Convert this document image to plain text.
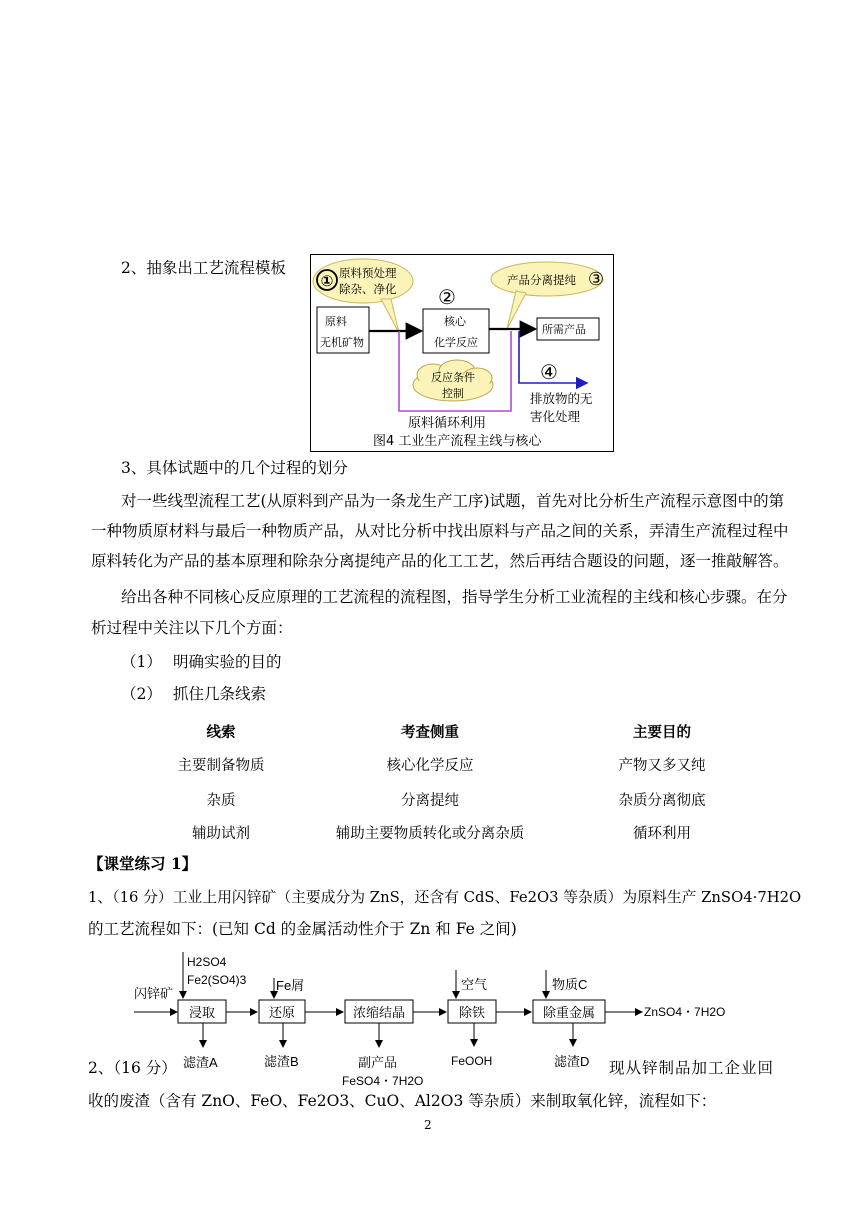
2、抽象出工艺流程模板
① 原料预处理
除杂、净化 ②
产品分离提纯 ③
原料
无机矿物
核心
化学反应
所需产品
反应条件
控制
原料循环利用
④
排放物的无
害化处理
图4 工业生产流程主线与核心
3、具体试题中的几个过程的划分
对一些线型流程工艺(从原料到产品为一条龙生产工序)试题，首先对比分析生产流程示意图中的第
一种物质原材料与最后一种物质产品，从对比分析中找出原料与产品之间的关系，弄清生产流程过程中
原料转化为产品的基本原理和除杂分离提纯产品的化工工艺，然后再结合题设的问题，逐一推敲解答。
给出各种不同核心反应原理的工艺流程的流程图，指导学生分析工业流程的主线和核心步骤。在分
析过程中关注以下几个方面：
（1） 明确实验的目的
（2） 抓住几条线索
线索	考查侧重	主要目的
主要制备物质	核心化学反应	产物又多又纯
杂质	分离提纯	杂质分离彻底
辅助试剂	辅助主要物质转化或分离杂质	循环利用
【课堂练习 1】
1、（16 分）工业上用闪锌矿（主要成分为 ZnS，还含有 CdS、Fe2O3 等杂质）为原料生产 ZnSO4·7H2O
的工艺流程如下：(已知 Cd 的金属活动性介于 Zn 和 Fe 之间)
H2SO4
Fe2(SO4)3 Fe屑	空气	物质C
闪锌矿
浸取	还原	浓缩结晶	除铁	除重金属	ZnSO4・7H2O
滤渣A	滤渣B	副产品
FeSO4・7H2O
FeOOH	滤渣D
2、（16 分）	现从锌制品加工企业回
收的废渣（含有 ZnO、FeO、Fe2O3、CuO、Al2O3 等杂质）来制取氧化锌，流程如下：
2
